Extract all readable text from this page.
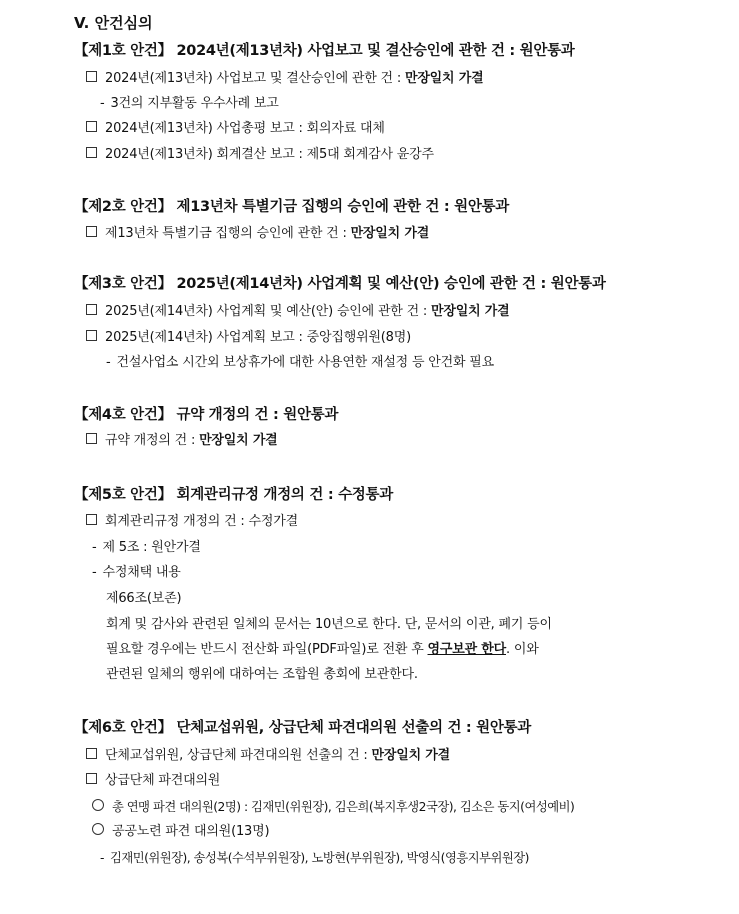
V. 안건심의
【제1호 안건】 2024년(제13년차) 사업보고 및 결산승인에 관한 건 : 원안통과
2024년(제13년차) 사업보고 및 결산승인에 관한 건 : 만장일치 가결
- 3건의 지부활동 우수사례 보고
2024년(제13년차) 사업총평 보고 : 회의자료 대체
2024년(제13년차) 회계결산 보고 : 제5대 회계감사 윤강주
【제2호 안건】 제13년차 특별기금 집행의 승인에 관한 건 : 원안통과
제13년차 특별기금 집행의 승인에 관한 건 : 만장일치 가결
【제3호 안건】 2025년(제14년차) 사업계획 및 예산(안) 승인에 관한 건 : 원안통과
2025년(제14년차) 사업계획 및 예산(안) 승인에 관한 건 : 만장일치 가결
2025년(제14년차) 사업계획 보고 : 중앙집행위원(8명)
- 건설사업소 시간외 보상휴가에 대한 사용연한 재설정 등 안건화 필요
【제4호 안건】 규약 개정의 건 : 원안통과
규약 개정의 건 : 만장일치 가결
【제5호 안건】 회계관리규정 개정의 건 : 수정통과
회계관리규정 개정의 건 : 수정가결
- 제 5조 : 원안가결
- 수정채택 내용
제66조(보존)
회계 및 감사와 관련된 일체의 문서는 10년으로 한다. 단, 문서의 이관, 폐기 등이
필요할 경우에는 반드시 전산화 파일(PDF파일)로 전환 후 영구보관 한다. 이와
관련된 일체의 행위에 대하여는 조합원 총회에 보관한다.
【제6호 안건】 단체교섭위원, 상급단체 파견대의원 선출의 건 : 원안통과
단체교섭위원, 상급단체 파견대의원 선출의 건 : 만장일치 가결
상급단체 파견대의원
총 연맹 파견 대의원(2명) : 김재민(위원장), 김은희(복지후생2국장), 김소은 동지(여성예비)
공공노련 파견 대의원(13명)
- 김재민(위원장), 송성복(수석부위원장), 노방현(부위원장), 박영식(영흥지부위원장)
